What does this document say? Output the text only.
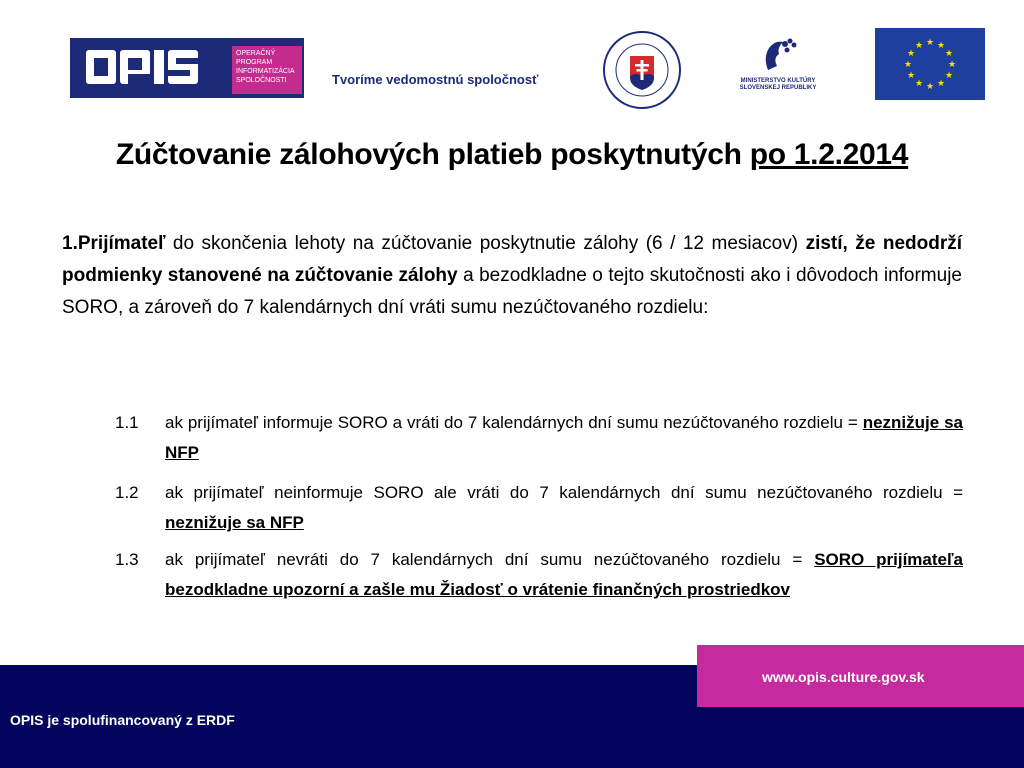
OPERAČNÝ
PROGRAM
INFORMATIZÁCIA
SPOLOČNOSTI	Tvoríme vedomostnú spoločnosť	MINISTERSTVO KULTÚRY
SLOVENSKEJ REPUBLIKY
★ ★
★
★
★
★
★
★
★
★
★
★
Zúčtovanie zálohových platieb poskytnutých po 1.2.2014
1.Prijímateľ do skončenia lehoty na zúčtovanie poskytnutie zálohy (6 / 12 mesiacov) zistí, že nedodrží podmienky stanovené na zúčtovanie zálohy a bezodkladne o tejto skutočnosti ako i dôvodoch informuje SORO, a zároveň do 7 kalendárnych dní vráti sumu nezúčtovaného rozdielu:
1.1 ak prijímateľ informuje SORO a vráti do 7 kalendárnych dní sumu nezúčtovaného rozdielu = neznižuje sa NFP
1.2 ak prijímateľ neinformuje SORO ale vráti do 7 kalendárnych dní sumu nezúčtovaného rozdielu = neznižuje sa NFP
1.3 ak prijímateľ nevráti do 7 kalendárnych dní sumu nezúčtovaného rozdielu = SORO prijímateľa bezodkladne upozorní a zašle mu Žiadosť o vrátenie finančných prostriedkov
www.opis.culture.gov.sk
OPIS je spolufinancovaný z ERDF
